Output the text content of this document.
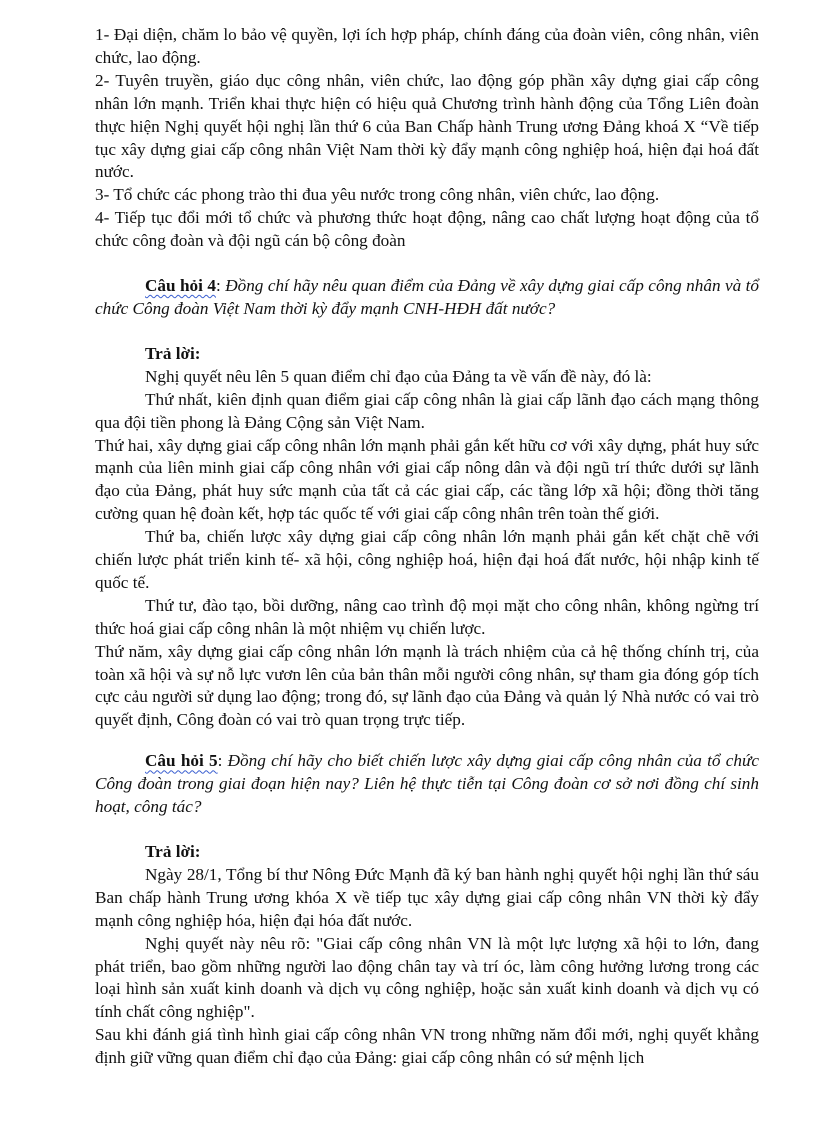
1- Đại diện, chăm lo bảo vệ quyền, lợi ích hợp pháp, chính đáng của đoàn viên, công nhân, viên chức, lao động.

2- Tuyên truyền, giáo dục công nhân, viên chức, lao động góp phần xây dựng giai cấp công nhân lớn mạnh. Triển khai thực hiện có hiệu quả Chương trình hành động của Tổng Liên đoàn thực hiện Nghị quyết hội nghị lần thứ 6 của Ban Chấp hành Trung ương Đảng khoá X “Về tiếp tục xây dựng giai cấp công nhân Việt Nam thời kỳ đẩy mạnh công nghiệp hoá, hiện đại hoá đất nước.

3- Tổ chức các phong trào thi đua yêu nước trong công nhân, viên chức, lao động.

4- Tiếp tục đổi mới tổ chức và phương thức hoạt động, nâng cao chất lượng hoạt động của tổ chức công đoàn và đội ngũ cán bộ công đoàn

Câu hỏi 4: Đồng chí hãy nêu quan điểm của Đảng về xây dựng giai cấp công nhân và tổ chức Công đoàn Việt Nam thời kỳ đẩy mạnh CNH-HĐH đất nước?

Trả lời:

Nghị quyết nêu lên 5 quan điểm chỉ đạo của Đảng ta về vấn đề này, đó là:

Thứ nhất, kiên định quan điểm giai cấp công nhân là giai cấp lãnh đạo cách mạng thông qua đội tiền phong là Đảng Cộng sản Việt Nam.

Thứ hai, xây dựng giai cấp công nhân lớn mạnh phải gắn kết hữu cơ với xây dựng, phát huy sức mạnh của liên minh giai cấp công nhân với giai cấp nông dân và đội ngũ trí thức dưới sự lãnh đạo của Đảng, phát huy sức mạnh của tất cả các giai cấp, các tầng lớp xã hội; đồng thời tăng cường quan hệ đoàn kết, hợp tác quốc tế với giai cấp công nhân trên toàn thế giới.

Thứ ba, chiến lược xây dựng giai cấp công nhân lớn mạnh phải gắn kết chặt chẽ với chiến lược phát triển kinh tế- xã hội, công nghiệp hoá, hiện đại hoá đất nước, hội nhập kinh tế quốc tế.

Thứ tư, đào tạo, bồi dưỡng, nâng cao trình độ mọi mặt cho công nhân, không ngừng trí thức hoá giai cấp công nhân là một nhiệm vụ chiến lược.

Thứ năm, xây dựng giai cấp công nhân lớn mạnh là trách nhiệm của cả hệ thống chính trị, của toàn xã hội và sự nỗ lực vươn lên của bản thân mỗi người công nhân, sự tham gia đóng góp tích cực cảu người sử dụng lao động; trong đó, sự lãnh đạo của Đảng và quản lý Nhà nước có vai trò quyết định, Công đoàn có vai trò quan trọng trực tiếp.

Câu hỏi 5: Đồng chí hãy cho biết chiến lược xây dựng giai cấp công nhân của tổ chức Công đoàn trong giai đoạn hiện nay? Liên hệ thực tiễn tại Công đoàn cơ sở nơi đồng chí sinh hoạt, công tác?

Trả lời:

Ngày 28/1, Tổng bí thư Nông Đức Mạnh đã ký ban hành nghị quyết hội nghị lần thứ sáu Ban chấp hành Trung ương khóa X về tiếp tục xây dựng giai cấp công nhân VN thời kỳ đẩy mạnh công nghiệp hóa, hiện đại hóa đất nước.

Nghị quyết này nêu rõ: "Giai cấp công nhân VN là một lực lượng xã hội to lớn, đang phát triển, bao gồm những người lao động chân tay và trí óc, làm công hưởng lương trong các loại hình sản xuất kinh doanh và dịch vụ công nghiệp, hoặc sản xuất kinh doanh và dịch vụ có tính chất công nghiệp".

Sau khi đánh giá tình hình giai cấp công nhân VN trong những năm đổi mới, nghị quyết khẳng định giữ vững quan điểm chỉ đạo của Đảng: giai cấp công nhân có sứ mệnh lịch
